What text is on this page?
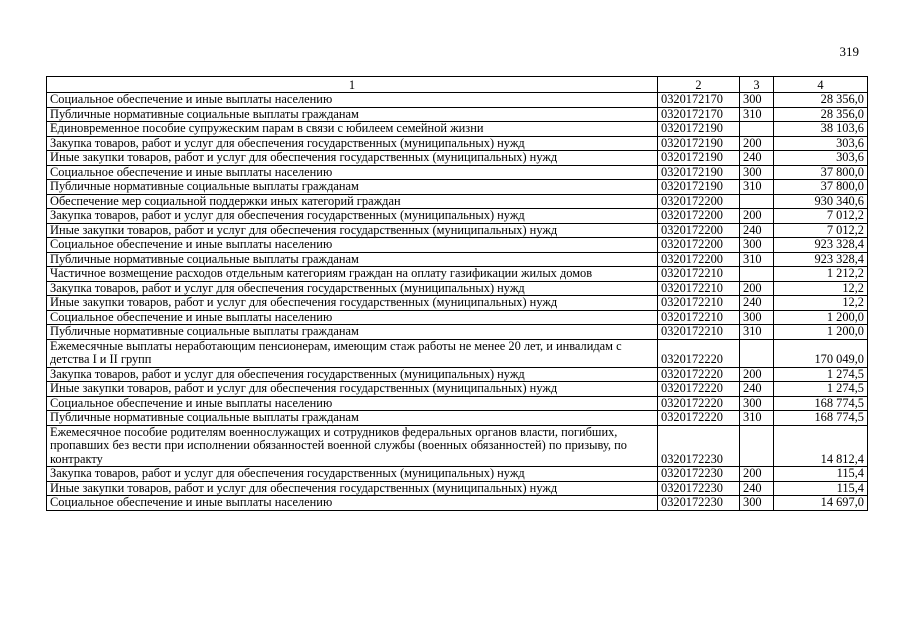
319
1	2	3	4
Социальное обеспечение и иные выплаты населению	0320172170	300	28 356,0
Публичные нормативные социальные выплаты гражданам	0320172170	310	28 356,0
Единовременное пособие супружеским парам в связи с юбилеем семейной жизни	0320172190		38 103,6
Закупка товаров, работ и услуг для обеспечения государственных (муниципальных) нужд	0320172190	200	303,6
Иные закупки товаров, работ и услуг для обеспечения государственных (муниципальных) нужд	0320172190	240	303,6
Социальное обеспечение и иные выплаты населению	0320172190	300	37 800,0
Публичные нормативные социальные выплаты гражданам	0320172190	310	37 800,0
Обеспечение мер социальной поддержки иных категорий граждан	0320172200		930 340,6
Закупка товаров, работ и услуг для обеспечения государственных (муниципальных) нужд	0320172200	200	7 012,2
Иные закупки товаров, работ и услуг для обеспечения государственных (муниципальных) нужд	0320172200	240	7 012,2
Социальное обеспечение и иные выплаты населению	0320172200	300	923 328,4
Публичные нормативные социальные выплаты гражданам	0320172200	310	923 328,4
Частичное возмещение расходов отдельным категориям граждан на оплату газификации жилых домов	0320172210		1 212,2
Закупка товаров, работ и услуг для обеспечения государственных (муниципальных) нужд	0320172210	200	12,2
Иные закупки товаров, работ и услуг для обеспечения государственных (муниципальных) нужд	0320172210	240	12,2
Социальное обеспечение и иные выплаты населению	0320172210	300	1 200,0
Публичные нормативные социальные выплаты гражданам	0320172210	310	1 200,0
Ежемесячные выплаты неработающим пенсионерам, имеющим стаж работы не менее 20 лет, и инвалидам с детства I и II групп	0320172220		170 049,0
Закупка товаров, работ и услуг для обеспечения государственных (муниципальных) нужд	0320172220	200	1 274,5
Иные закупки товаров, работ и услуг для обеспечения государственных (муниципальных) нужд	0320172220	240	1 274,5
Социальное обеспечение и иные выплаты населению	0320172220	300	168 774,5
Публичные нормативные социальные выплаты гражданам	0320172220	310	168 774,5
Ежемесячное пособие родителям военнослужащих и сотрудников федеральных органов власти, погибших, пропавших без вести при исполнении обязанностей военной службы (военных обязанностей) по призыву, по контракту	0320172230		14 812,4
Закупка товаров, работ и услуг для обеспечения государственных (муниципальных) нужд	0320172230	200	115,4
Иные закупки товаров, работ и услуг для обеспечения государственных (муниципальных) нужд	0320172230	240	115,4
Социальное обеспечение и иные выплаты населению	0320172230	300	14 697,0
